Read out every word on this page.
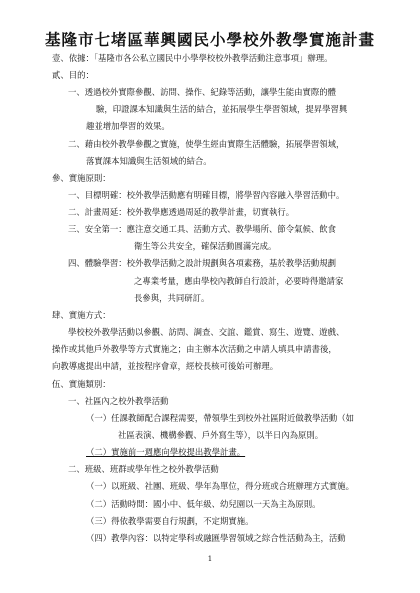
基隆市七堵區華興國民小學校外教學實施計畫
壹、依據：「基隆市各公私立國民中小學學校校外教學活動注意事項」辦理。
貳、目的：
一、透過校外實際參觀、訪問、操作、紀錄等活動，讓學生能由實際的體
驗，印證課本知識與生活的結合，並拓展學生學習領域，提昇學習興
趣並增加學習的效果。
二、藉由校外教學參觀之實施，使學生經由實際生活體驗，拓展學習領域，
落實課本知識與生活領域的結合。
參、實施原則：
一、目標明確：校外教學活動應有明確目標，將學習內容融入學習活動中。
二、計畫周延：校外教學應透過周延的教學計畫，切實執行。
三、安全第一：應注意交通工具、活動方式、教學場所、節令氣候、飲食
衛生等公共安全，確保活動圓滿完成。
四、體驗學習：校外教學活動之設計規劃與各項素務，基於教學活動規劃
之專業考量，應由學校內教師自行設計，必要時得邀請家
長參與，共同研訂。
肆、實施方式：
學校校外教學活動以參觀、訪問、調查、交誼、鑑賞、寫生、遊覽、遊戲、
操作或其他戶外教學等方式實施之；由主辦本次活動之申請人填具申請書後，
向教導處提出申請，並按程序會章，經校長核可後始可辦理。
伍、實施類別：
一、社區內之校外教學活動
（一）任課教師配合課程需要，帶領學生到校外社區附近做教學活動（如
社區表演、機構參觀、戶外寫生等），以半日內為原則。
（二）實施前一週應向學校提出教學計畫。
二、班級、班群或學年性之校外教學活動
（一）以班級、社團、班級、學年為單位，得分班或合班辦理方式實施。
（二）活動時間：國小中、低年級、幼兒園以一天為主為原則。
（三）得依教學需要自行規劃，不定期實施。
（四）教學內容：以特定學科或融匯學習領域之綜合性活動為主，活動
1
